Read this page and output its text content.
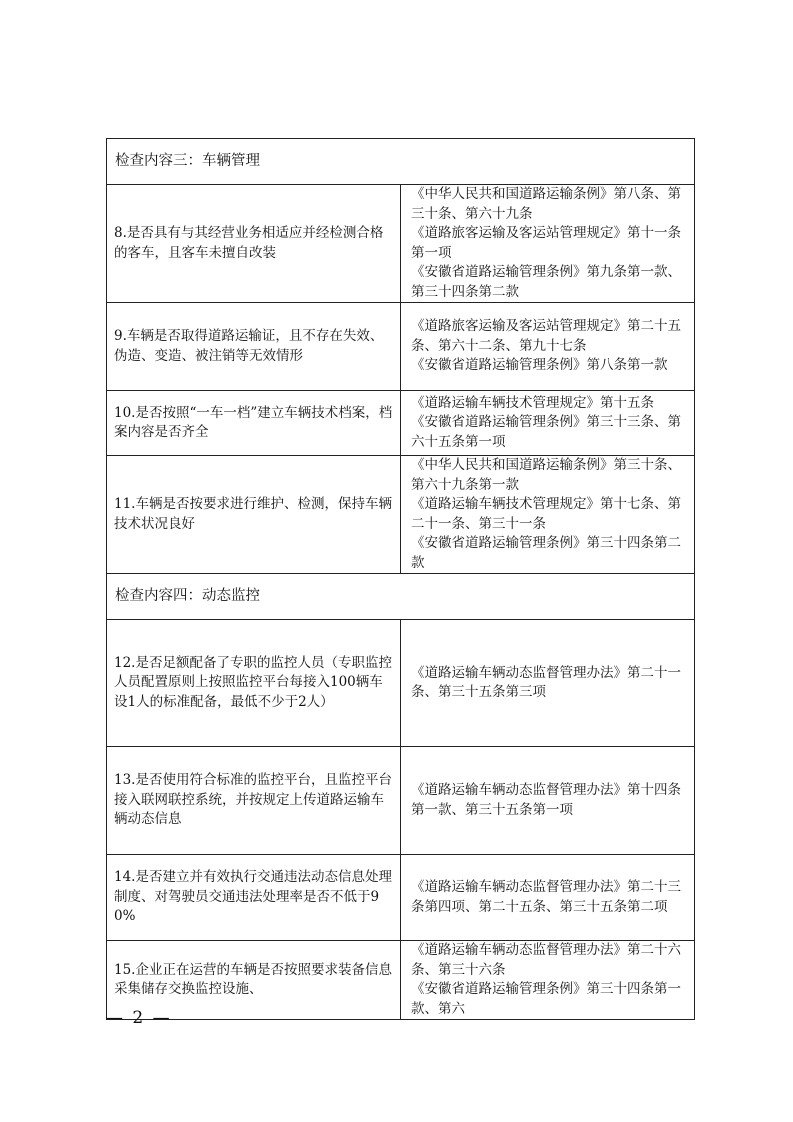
检查内容三：车辆管理	
8.是否具有与其经营业务相适应并经检测合格的客车，且客车未擅自改装	《中华人民共和国道路运输条例》第八条、第三十条、第六十九条
《道路旅客运输及客运站管理规定》第十一条第一项
《安徽省道路运输管理条例》第九条第一款、第三十四条第二款

9.车辆是否取得道路运输证，且不存在失效、伪造、变造、被注销等无效情形	《道路旅客运输及客运站管理规定》第二十五条、第六十二条、第九十七条
《安徽省道路运输管理条例》第八条第一款

10.是否按照“一车一档”建立车辆技术档案，档案内容是否齐全	《道路运输车辆技术管理规定》第十五条
《安徽省道路运输管理条例》第三十三条、第六十五条第一项

11.车辆是否按要求进行维护、检测，保持车辆技术状况良好	《中华人民共和国道路运输条例》第三十条、第六十九条第一款
《道路运输车辆技术管理规定》第十七条、第二十一条、第三十一条
《安徽省道路运输管理条例》第三十四条第二款

检查内容四：动态监控	
12.是否足额配备了专职的监控人员（专职监控人员配置原则上按照监控平台每接入100辆车设1人的标准配备，最低不少于2人）	《道路运输车辆动态监督管理办法》第二十一条、第三十五条第三项

13.是否使用符合标准的监控平台，且监控平台接入联网联控系统，并按规定上传道路运输车辆动态信息	《道路运输车辆动态监督管理办法》第十四条第一款、第三十五条第一项

14.是否建立并有效执行交通违法动态信息处理制度、对驾驶员交通违法处理率是否不低于90%	《道路运输车辆动态监督管理办法》第二十三条第四项、第二十五条、第三十五条第二项

15.企业正在运营的车辆是否按照要求装备信息采集储存交换监控设施、	《道路运输车辆动态监督管理办法》第二十六条、第三十六条
《安徽省道路运输管理条例》第三十四条第一款、第六
— 2 —
